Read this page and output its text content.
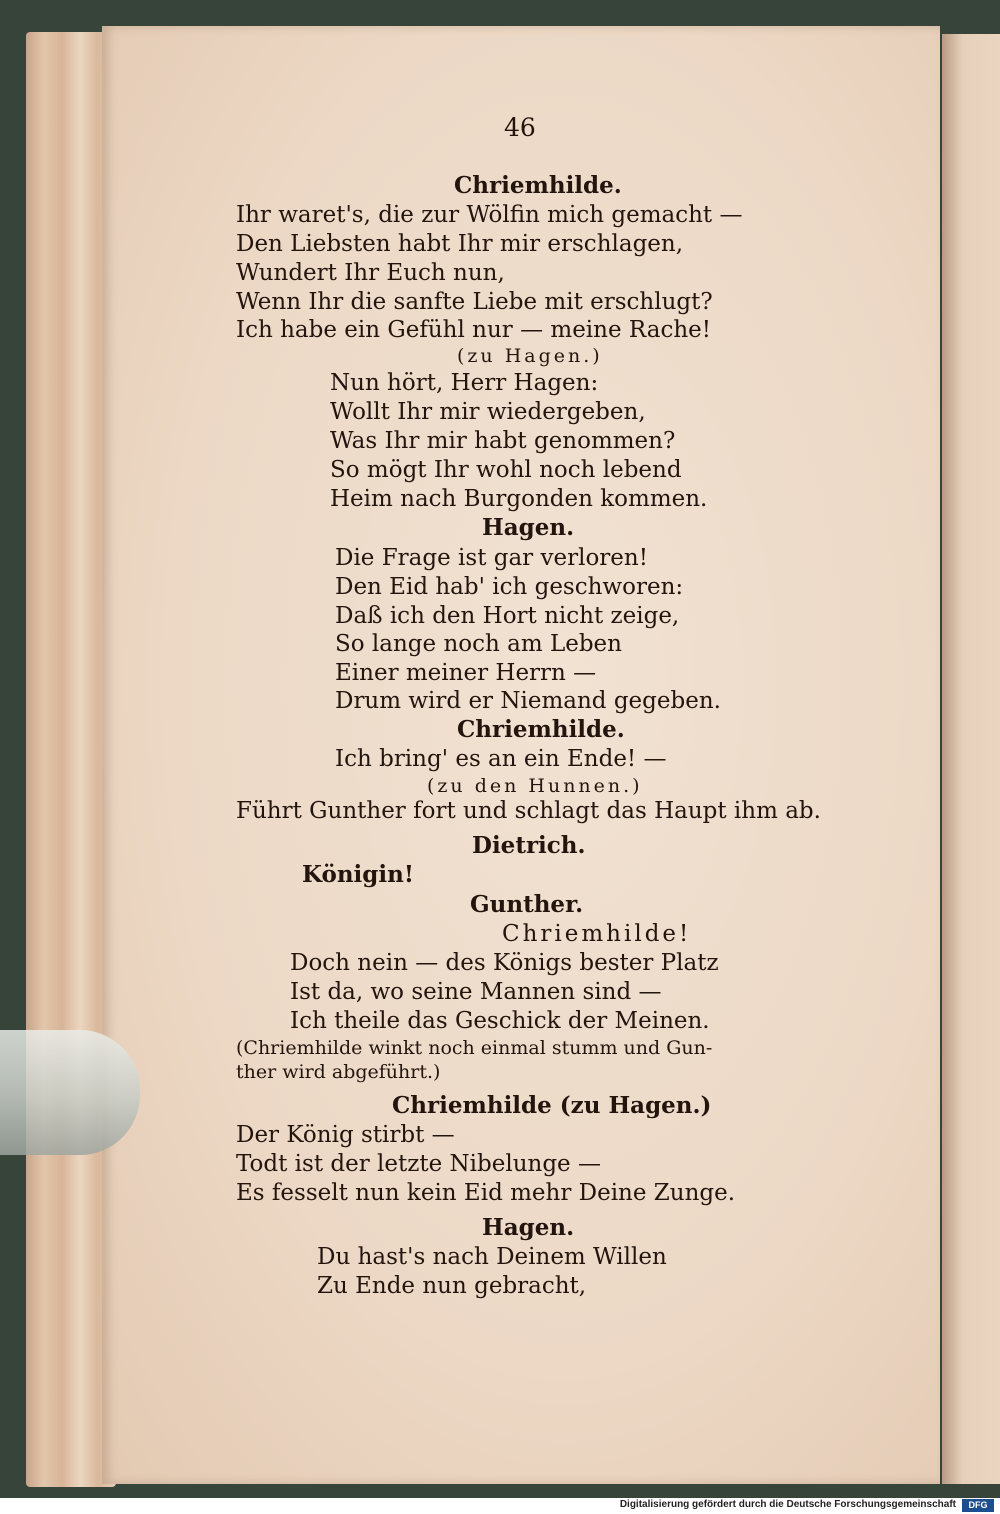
46
Chriemhilde.
Ihr waret's, die zur Wölfin mich gemacht —
Den Liebsten habt Ihr mir erschlagen,
Wundert Ihr Euch nun,
Wenn Ihr die sanfte Liebe mit erschlugt?
Ich habe ein Gefühl nur — meine Rache!
(zu Hagen.)
Nun hört, Herr Hagen:
Wollt Ihr mir wiedergeben,
Was Ihr mir habt genommen?
So mögt Ihr wohl noch lebend
Heim nach Burgonden kommen.
Hagen.
Die Frage ist gar verloren!
Den Eid hab' ich geschworen:
Daß ich den Hort nicht zeige,
So lange noch am Leben
Einer meiner Herrn —
Drum wird er Niemand gegeben.
Chriemhilde.
Ich bring' es an ein Ende! —
(zu den Hunnen.)
Führt Gunther fort und schlagt das Haupt ihm ab.
Dietrich.
Königin!
Gunther.
Chriemhilde!
Doch nein — des Königs bester Platz
Ist da, wo seine Mannen sind —
Ich theile das Geschick der Meinen.
(Chriemhilde winkt noch einmal stumm und Gun-
ther wird abgeführt.)
Chriemhilde (zu Hagen.)
Der König stirbt —
Todt ist der letzte Nibelunge —
Es fesselt nun kein Eid mehr Deine Zunge.
Hagen.
Du hast's nach Deinem Willen
Zu Ende nun gebracht,
Digitalisierung gefördert durch die Deutsche Forschungsgemeinschaft	DFG
